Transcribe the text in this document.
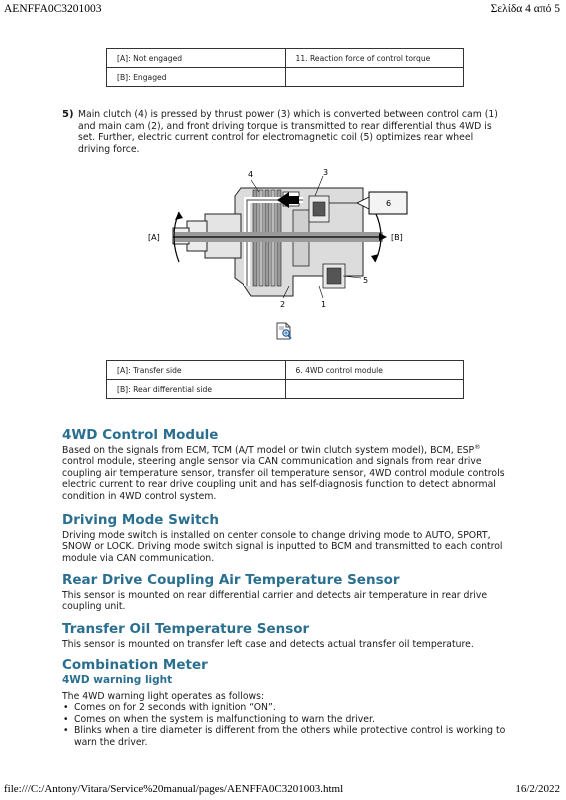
AENFFA0C3201003	Σελίδα 4 από 5
[A]: Not engaged	11. Reaction force of control torque
[B]: Engaged	
5) Main clutch (4) is pressed by thrust power (3) which is converted between control cam (1) and main cam (2), and front driving torque is transmitted to rear differential thus 4WD is set. Further, electric current control for electromagnetic coil (5) optimizes rear wheel driving force.
4	3
6
[A]	[B]
5
2	1
[A]: Transfer side	6. 4WD control module
[B]: Rear differential side	
4WD Control Module

Based on the signals from ECM, TCM (A/T model or twin clutch system model), BCM, ESP® control module, steering angle sensor via CAN communication and signals from rear drive coupling air temperature sensor, transfer oil temperature sensor, 4WD control module controls electric current to rear drive coupling unit and has self-diagnosis function to detect abnormal condition in 4WD control system.

Driving Mode Switch

Driving mode switch is installed on center console to change driving mode to AUTO, SPORT, SNOW or LOCK. Driving mode switch signal is inputted to BCM and transmitted to each control module via CAN communication.

Rear Drive Coupling Air Temperature Sensor

This sensor is mounted on rear differential carrier and detects air temperature in rear drive coupling unit.

Transfer Oil Temperature Sensor

This sensor is mounted on transfer left case and detects actual transfer oil temperature.

Combination Meter
4WD warning light

The 4WD warning light operates as follows:

• Comes on for 2 seconds with ignition “ON”.
• Comes on when the system is malfunctioning to warn the driver.
• Blinks when a tire diameter is different from the others while protective control is working to warn the driver.
file:///C:/Antony/Vitara/Service%20manual/pages/AENFFA0C3201003.html	16/2/2022
